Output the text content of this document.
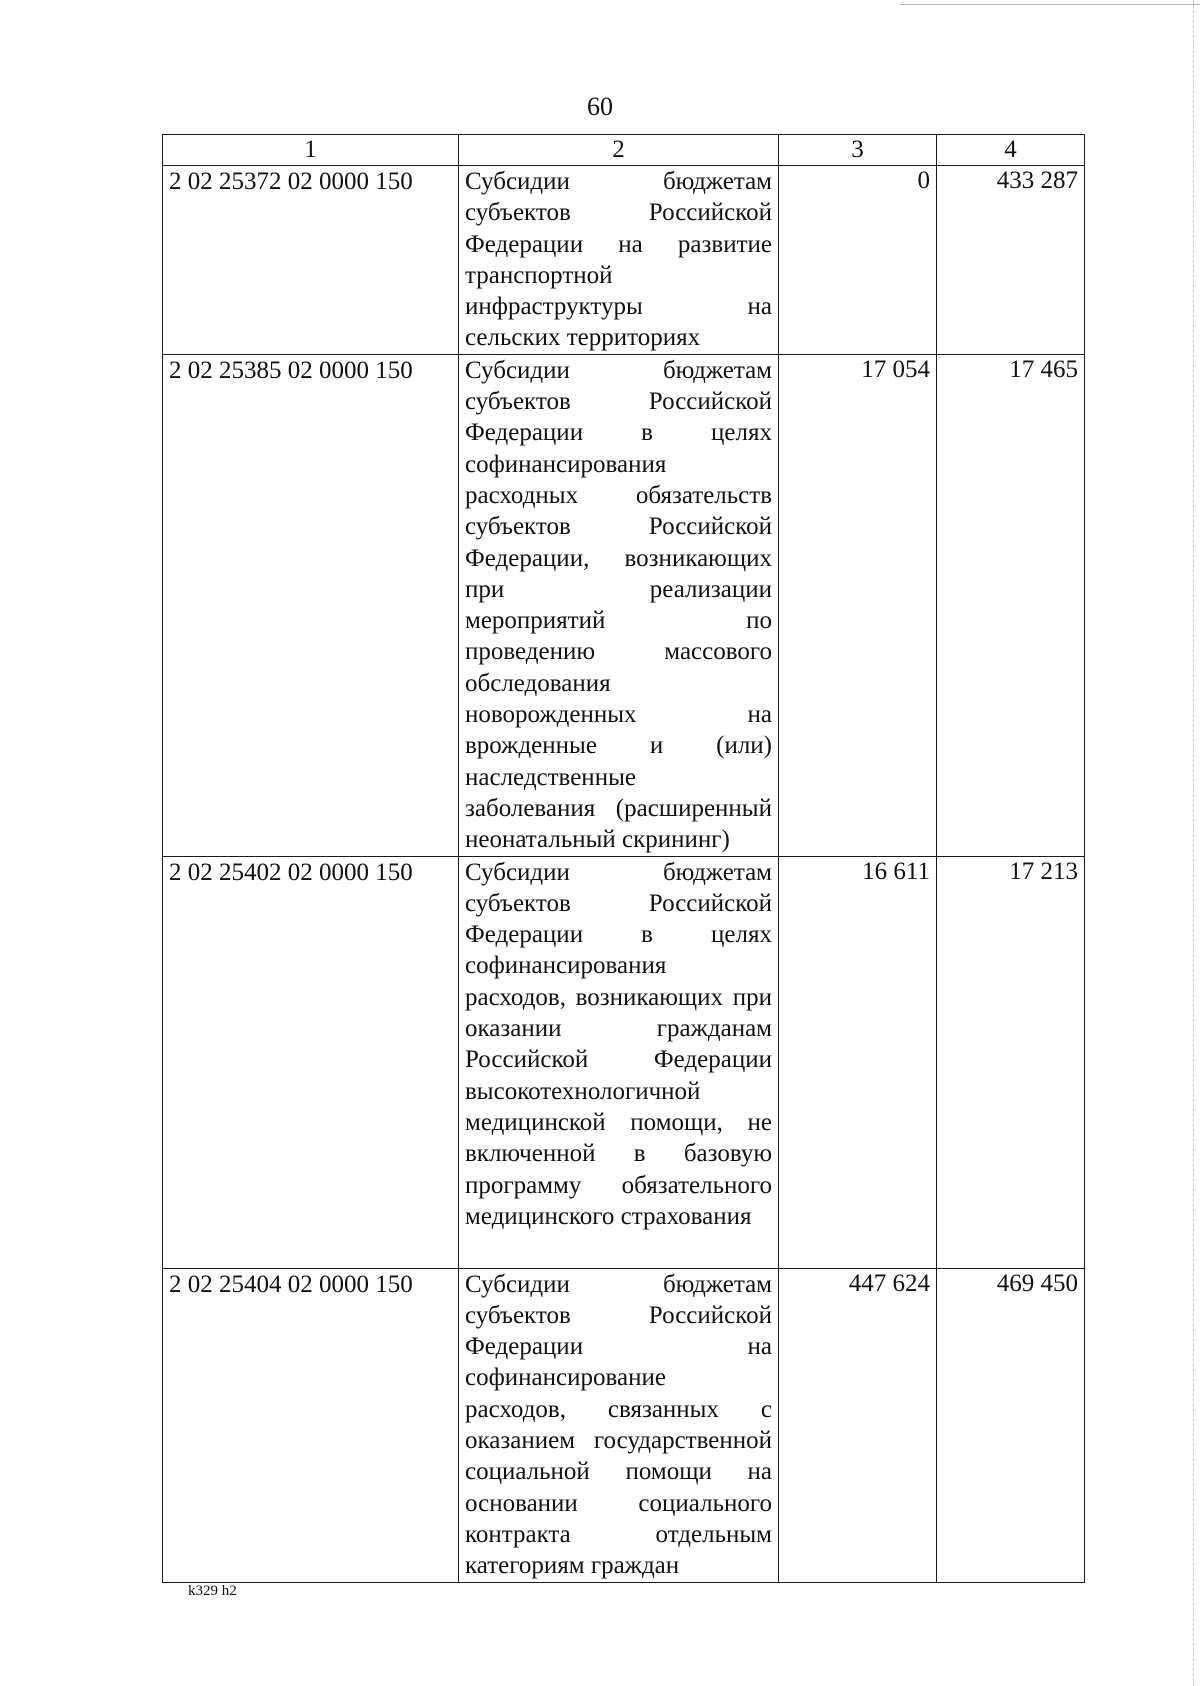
60
1	2	3	4
2 02 25372 02 0000 150	Субсидии бюджетам субъектов Российской Федерации на развитие транспортной инфраструктуры на сельских территориях	0	433 287
2 02 25385 02 0000 150	Субсидии бюджетам субъектов Российской Федерации в целях софинансирования расходных обязательств субъектов Российской Федерации, возникающих при реализации мероприятий по проведению массового обследования новорожденных на врожденные и (или) наследственные заболевания (расширенный неонатальный скрининг)	17 054	17 465
2 02 25402 02 0000 150	Субсидии бюджетам субъектов Российской Федерации в целях софинансирования расходов, возникающих при оказании гражданам Российской Федерации высокотехнологичной медицинской помощи, не включенной в базовую программу обязательного медицинского страхования	16 611	17 213
2 02 25404 02 0000 150	Субсидии бюджетам субъектов Российской Федерации на софинансирование расходов, связанных с оказанием государственной социальной помощи на основании социального контракта отдельным категориям граждан	447 624	469 450
k329 h2
